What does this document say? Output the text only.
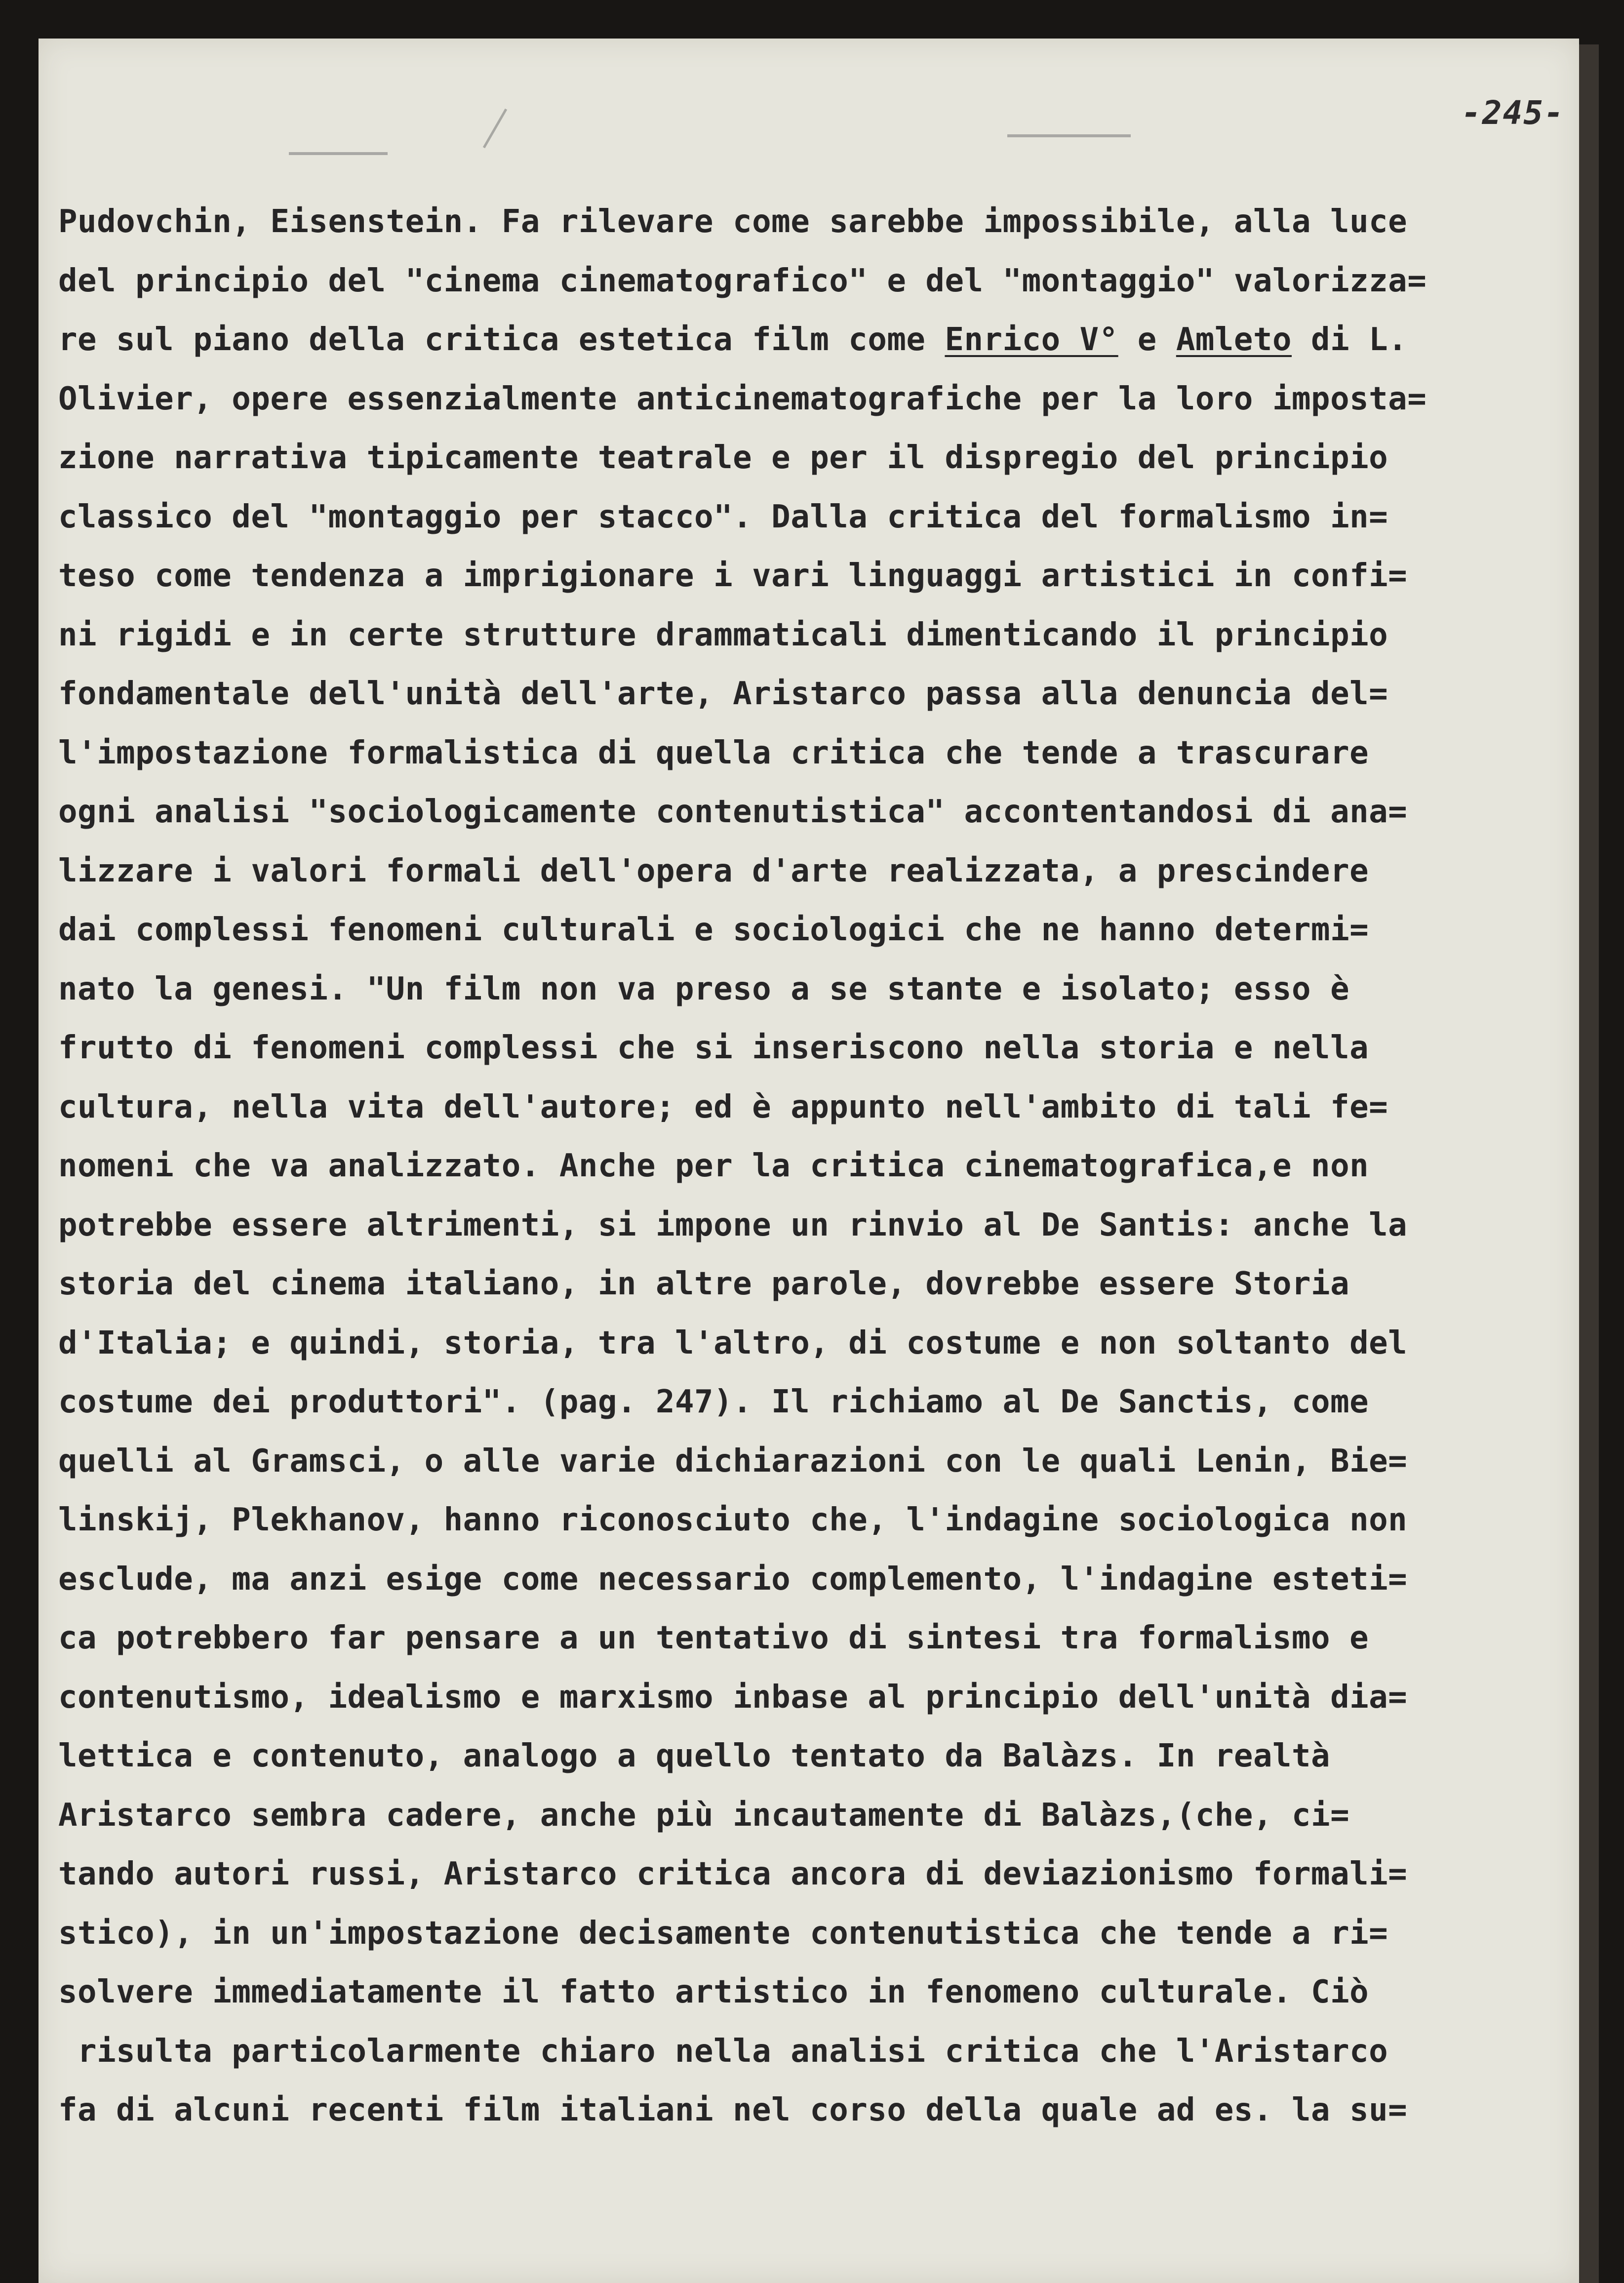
-245-
Pudovchin, Eisenstein. Fa rilevare come sarebbe impossibile, alla luce
del principio del "cinema cinematografico" e del "montaggio" valorizza=
re sul piano della critica estetica film come Enrico V° e Amleto di L.
Olivier, opere essenzialmente anticinematografiche per la loro imposta=
zione narrativa tipicamente teatrale e per il dispregio del principio
classico del "montaggio per stacco". Dalla critica del formalismo in=
teso come tendenza a imprigionare i vari linguaggi artistici in confi=
ni rigidi e in certe strutture drammaticali dimenticando il principio
fondamentale dell'unità dell'arte, Aristarco passa alla denuncia del=
l'impostazione formalistica di quella critica che tende a trascurare
ogni analisi "sociologicamente contenutistica" accontentandosi di ana=
lizzare i valori formali dell'opera d'arte realizzata, a prescindere
dai complessi fenomeni culturali e sociologici che ne hanno determi=
nato la genesi. "Un film non va preso a se stante e isolato; esso è
frutto di fenomeni complessi che si inseriscono nella storia e nella
cultura, nella vita dell'autore; ed è appunto nell'ambito di tali fe=
nomeni che va analizzato. Anche per la critica cinematografica,e non
potrebbe essere altrimenti, si impone un rinvio al De Santis: anche la
storia del cinema italiano, in altre parole, dovrebbe essere Storia
d'Italia; e quindi, storia, tra l'altro, di costume e non soltanto del
costume dei produttori". (pag. 247). Il richiamo al De Sanctis, come
quelli al Gramsci, o alle varie dichiarazioni con le quali Lenin, Bie=
linskij, Plekhanov, hanno riconosciuto che, l'indagine sociologica non
esclude, ma anzi esige come necessario complemento, l'indagine esteti=
ca potrebbero far pensare a un tentativo di sintesi tra formalismo e
contenutismo, idealismo e marxismo inbase al principio dell'unità dia=
lettica e contenuto, analogo a quello tentato da Balàzs. In realtà
Aristarco sembra cadere, anche più incautamente di Balàzs,(che, ci=
tando autori russi, Aristarco critica ancora di deviazionismo formali=
stico), in un'impostazione decisamente contenutistica che tende a ri=
solvere immediatamente il fatto artistico in fenomeno culturale. Ciò
risulta particolarmente chiaro nella analisi critica che l'Aristarco
fa di alcuni recenti film italiani nel corso della quale ad es. la su=
